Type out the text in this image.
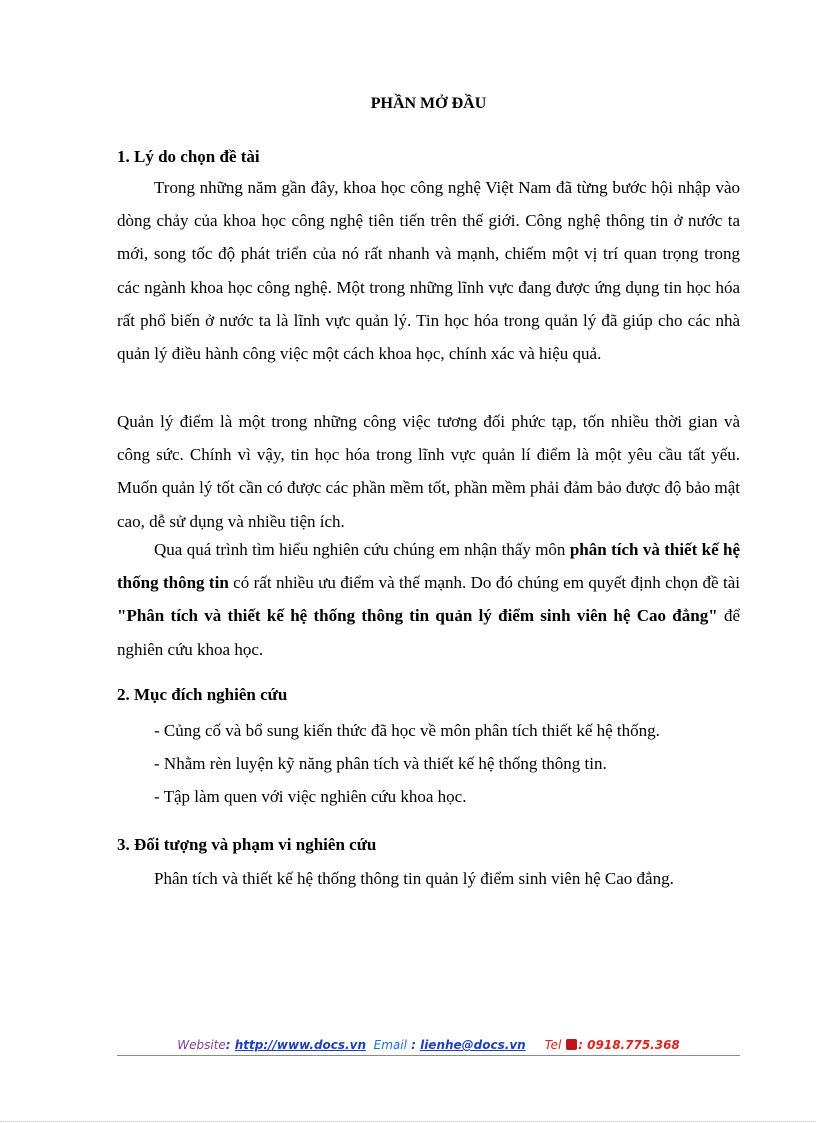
PHẦN MỞ ĐẦU
1. Lý do chọn đề tài

Trong những năm gần đây, khoa học công nghệ Việt Nam đã từng bước hội nhập vào dòng chảy của khoa học công nghệ tiên tiến trên thế giới. Công nghệ thông tin ở nước ta mới, song tốc độ phát triển của nó rất nhanh và mạnh, chiếm một vị trí quan trọng trong các ngành khoa học công nghệ. Một trong những lĩnh vực đang được ứng dụng tin học hóa rất phổ biến ở nước ta là lĩnh vực quản lý. Tin học hóa trong quản lý đã giúp cho các nhà quản lý điều hành công việc một cách khoa học, chính xác và hiệu quả.

Quản lý điểm là một trong những công việc tương đối phức tạp, tốn nhiều thời gian và công sức. Chính vì vậy, tin học hóa trong lĩnh vực quản lí điểm là một yêu cầu tất yếu. Muốn quản lý tốt cần có được các phần mềm tốt, phần mềm phải đảm bảo được độ bảo mật cao, dễ sử dụng và nhiều tiện ích.

Qua quá trình tìm hiểu nghiên cứu chúng em nhận thấy môn phân tích và thiết kế hệ thống thông tin có rất nhiều ưu điểm và thế mạnh. Do đó chúng em quyết định chọn đề tài "Phân tích và thiết kế hệ thống thông tin quản lý điểm sinh viên hệ Cao đẳng" để nghiên cứu khoa học.

2. Mục đích nghiên cứu

- Củng cố và bổ sung kiến thức đã học về môn phân tích thiết kế hệ thống.

- Nhằm rèn luyện kỹ năng phân tích và thiết kế hệ thống thông tin.

- Tập làm quen với việc nghiên cứu khoa học.

3. Đối tượng và phạm vi nghiên cứu

Phân tích và thiết kế hệ thống thông tin quản lý điểm sinh viên hệ Cao đẳng.

Website: http://www.docs.vn Email : lienhe@docs.vn Tel : 0918.775.368
